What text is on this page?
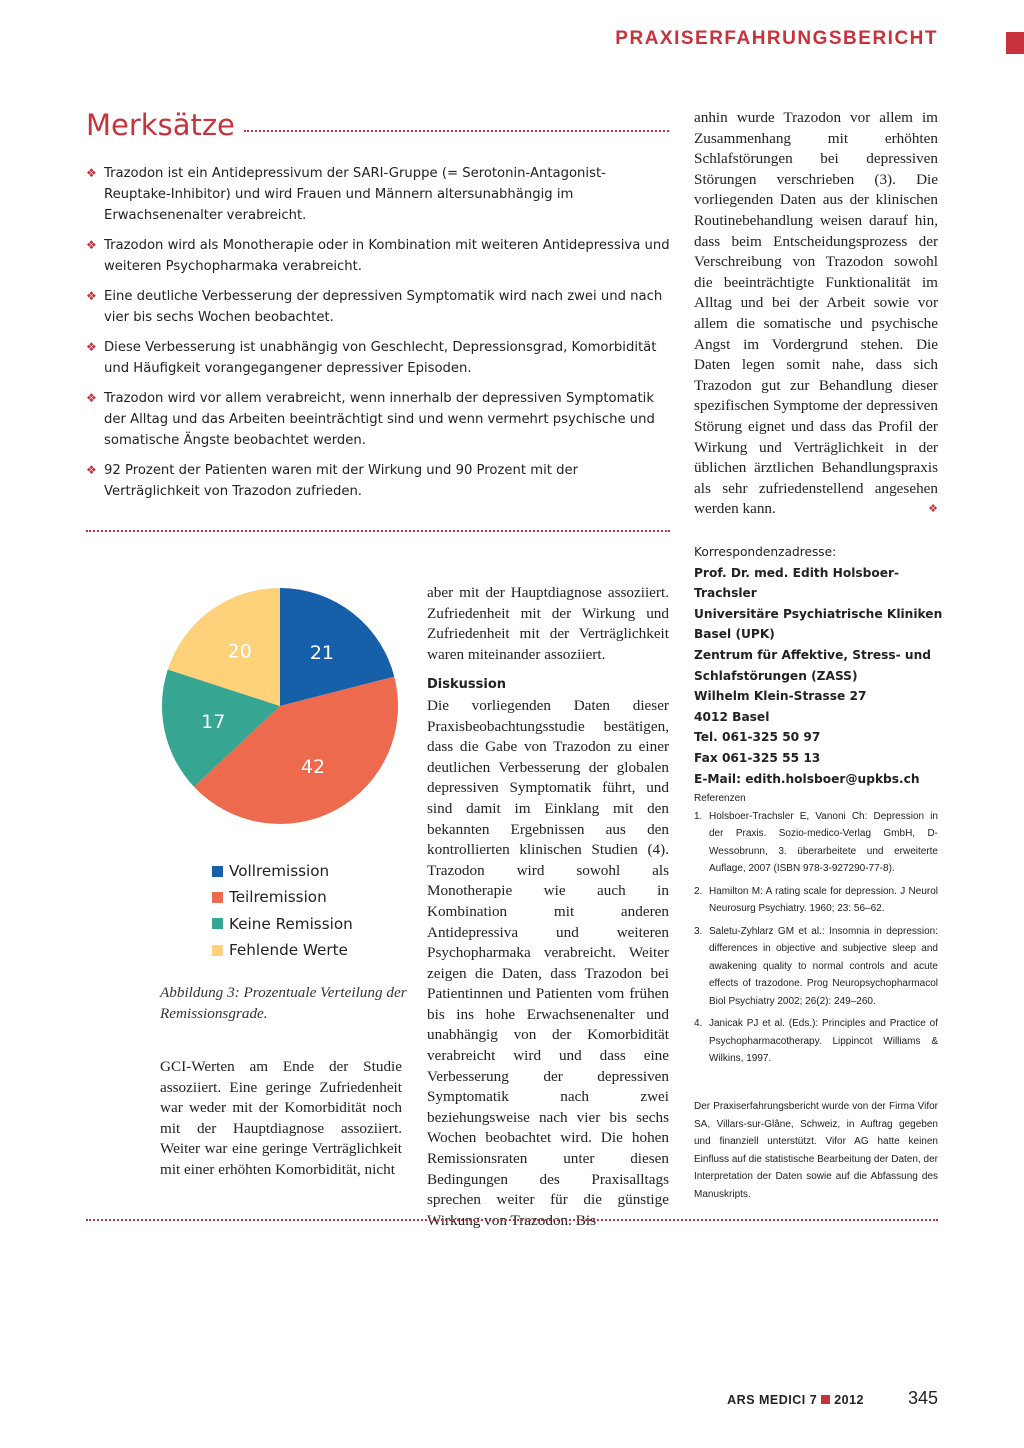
PRAXISERFAHRUNGSBERICHT
Merksätze
❖ Trazodon ist ein Antidepressivum der SARI-Gruppe (= Serotonin-Antagonist-Reuptake-Inhibitor) und wird Frauen und Männern altersunabhängig im Erwachsenenalter verabreicht.
❖ Trazodon wird als Monotherapie oder in Kombination mit weiteren Antidepressiva und weiteren Psychopharmaka verabreicht.
❖ Eine deutliche Verbesserung der depressiven Symptomatik wird nach zwei und nach vier bis sechs Wochen beobachtet.
❖ Diese Verbesserung ist unabhängig von Geschlecht, Depressionsgrad, Komorbidität und Häufigkeit vorangegangener depressiver Episoden.
❖ Trazodon wird vor allem verabreicht, wenn innerhalb der depressiven Symptomatik der Alltag und das Arbeiten beeinträchtigt sind und wenn vermehrt psychische und somatische Ängste beobachtet werden.
❖ 92 Prozent der Patienten waren mit der Wirkung und 90 Prozent mit der Verträglichkeit von Trazodon zufrieden.
anhin wurde Trazodon vor allem im Zusammenhang mit erhöhten Schlafstörungen bei depressiven Störungen verschrieben (3). Die vorliegenden Daten aus der klinischen Routinebehandlung weisen darauf hin, dass beim Entscheidungsprozess der Verschreibung von Trazodon sowohl die beeinträchtigte Funktionalität im Alltag und bei der Arbeit sowie vor allem die somatische und psychische Angst im Vordergrund stehen. Die Daten legen somit nahe, dass sich Trazodon gut zur Behandlung dieser spezifischen Symptome der depressiven Störung eignet und dass das Profil der Wirkung und Verträglichkeit in der üblichen ärztlichen Behandlungspraxis als sehr zufriedenstellend angesehen werden kann.	❖
Korrespondenzadresse:
Prof. Dr. med. Edith Holsboer-Trachsler
Universitäre Psychiatrische Kliniken
Basel (UPK)
Zentrum für Affektive, Stress- und
Schlafstörungen (ZASS)
Wilhelm Klein-Strasse 27
4012 Basel
Tel. 061-325 50 97
Fax 061-325 55 13
E-Mail: edith.holsboer@upkbs.ch
Referenzen
1. Holsboer-Trachsler E, Vanoni Ch: Depression in der Praxis. Sozio-medico-Verlag GmbH, D-Wessobrunn, 3. überarbeitete und erweiterte Auflage, 2007 (ISBN 978-3-927290-77-8).
2. Hamilton M: A rating scale for depression. J Neurol Neurosurg Psychiatry. 1960; 23: 56–62.
3. Saletu-Zyhlarz GM et al.: Insomnia in depression: differences in objective and subjective sleep and awakening quality to normal controls and acute effects of trazodone. Prog Neuropsychopharmacol Biol Psychiatry 2002; 26(2): 249–260.
4. Janicak PJ et al. (Eds.): Principles and Practice of Psychopharmacotherapy. Lippincot Williams & Wilkins, 1997.
Der Praxiserfahrungsbericht wurde von der Firma Vifor SA, Villars-sur-Glâne, Schweiz, in Auftrag gegeben und finanziell unterstützt. Vifor AG hatte keinen Einfluss auf die statistische Bearbeitung der Daten, der Interpretation der Daten sowie auf die Abfassung des Manuskripts.
21
42
17
20
Vollremission
Teilremission
Keine Remission
Fehlende Werte
Abbildung 3: Prozentuale Verteilung der Remissionsgrade.
GCI-Werten am Ende der Studie assoziiert. Eine geringe Zufriedenheit war weder mit der Komorbidität noch mit der Hauptdiagnose assoziiert. Weiter war eine geringe Verträglichkeit mit einer erhöhten Komorbidität, nicht
aber mit der Hauptdiagnose assoziiert. Zufriedenheit mit der Wirkung und Zufriedenheit mit der Verträglichkeit waren miteinander assoziiert.
Diskussion
Die vorliegenden Daten dieser Praxisbeobachtungsstudie bestätigen, dass die Gabe von Trazodon zu einer deutlichen Verbesserung der globalen depressiven Symptomatik führt, und sind damit im Einklang mit den bekannten Ergebnissen aus den kontrollierten klinischen Studien (4). Trazodon wird sowohl als Monotherapie wie auch in Kombination mit anderen Antidepressiva und weiteren Psychopharmaka verabreicht. Weiter zeigen die Daten, dass Trazodon bei Patientinnen und Patienten vom frühen bis ins hohe Erwachsenenalter und unabhängig von der Komorbidität verabreicht wird und dass eine Verbesserung der depressiven Symptomatik nach zwei beziehungsweise nach vier bis sechs Wochen beobachtet wird. Die hohen Remissionsraten unter diesen Bedingungen des Praxisalltags sprechen weiter für die günstige Wirkung von Trazodon. Bis
ARS MEDICI 7 2012 345
